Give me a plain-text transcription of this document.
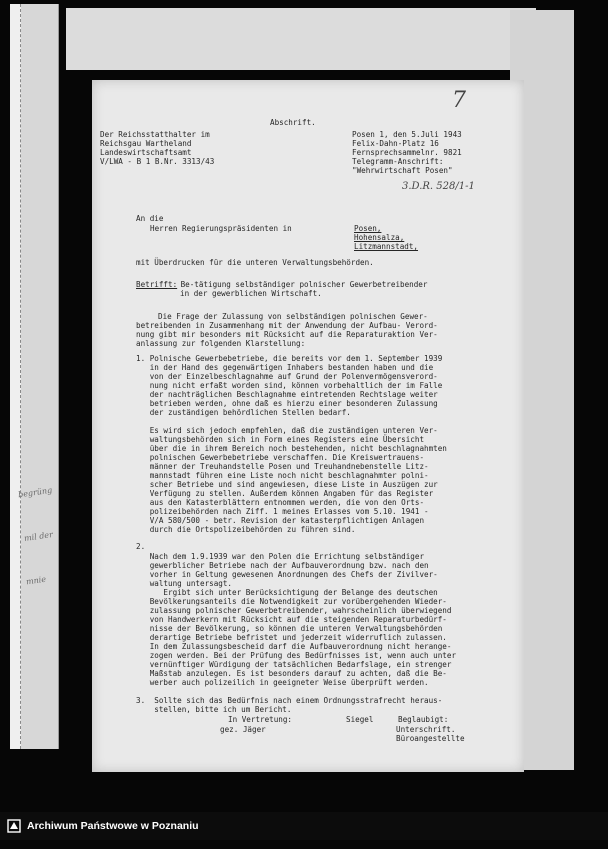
begrüng
mil der
mnie

Abschrift.

7

Der Reichsstatthalter im

Reichsgau Wartheland

Landeswirtschaftsamt

V/LWA - B 1 B.Nr. 3313/43

Posen 1, den 5.Juli 1943

Felix-Dahn-Platz 16

Fernsprechsammelnr. 9821

Telegramm-Anschrift:

"Wehrwirtschaft Posen"

3.D.R. 528/1-1

An die

Herren Regierungspräsidenten in

	Posen,

Hohensalza,

Litzmannstadt,

mit Überdrucken für die unteren Verwaltungsbehörden.

Betrifft:

Be-tätigung selbständiger polnischer Gewerbetreibender

in der gewerblichen Wirtschaft.

Die Frage der Zulassung von selbständigen polnischen Gewer-

betreibenden in Zusammenhang mit der Anwendung der Aufbau- Verord-

nung gibt mir besonders mit Rücksicht auf die Reparaturaktion Ver-

anlassung zur folgenden Klarstellung:

1. Polnische Gewerbebetriebe, die bereits vor dem 1. September 1939

in der Hand des gegenwärtigen Inhabers bestanden haben und die

von der Einzelbeschlagnahme auf Grund der Polenvermögensverord-

nung nicht erfaßt worden sind, können vorbehaltlich der im Falle

der nachträglichen Beschlagnahme eintretenden Rechtslage weiter

betrieben werden, ohne daß es hierzu einer besonderen Zulassung

der zuständigen behördlichen Stellen bedarf.

Es wird sich jedoch empfehlen, daß die zuständigen unteren Ver-

waltungsbehörden sich in Form eines Registers eine Übersicht

über die in ihrem Bereich noch bestehenden, nicht beschlagnahmten

polnischen Gewerbebetriebe verschaffen. Die Kreiswertrauens-

männer der Treuhandstelle Posen und Treuhandnebenstelle Litz-

mannstadt führen eine Liste noch nicht beschlagnahmter polni-

scher Betriebe und sind angewiesen, diese Liste in Auszügen zur

Verfügung zu stellen. Außerdem können Angaben für das Register

aus den Katasterblättern entnommen werden, die von den Orts-

polizeibehörden nach Ziff. 1 meines Erlasses vom 5.10. 1941 -

V/A 580/500 - betr. Revision der katasterpflichtigen Anlagen

durch die Ortspolizeibehörden zu führen sind.

2.

Nach dem 1.9.1939 war den Polen die Errichtung selbständiger

gewerblicher Betriebe nach der Aufbauverordnung bzw. nach den

vorher in Geltung gewesenen Anordnungen des Chefs der Zivilver-

waltung untersagt.

Ergibt sich unter Berücksichtigung der Belange des deutschen

Bevölkerungsanteils die Notwendigkeit zur vorübergehenden Wieder-

zulassung polnischer Gewerbetreibender, wahrscheinlich überwiegend

von Handwerkern mit Rücksicht auf die steigenden Reparaturbedürf-

nisse der Bevölkerung, so können die unteren Verwaltungsbehörden

derartige Betriebe befristet und jederzeit widerruflich zulassen.

In dem Zulassungsbescheid darf die Aufbauverordnung nicht herange-

zogen werden. Bei der Prüfung des Bedürfnisses ist, wenn auch unter

vernünftiger Würdigung der tatsächlichen Bedarfslage, ein strenger

Maßstab anzulegen. Es ist besonders darauf zu achten, daß die Be-

werber auch polizeilich in geeigneter Weise überprüft werden.

3.  Sollte sich das Bedürfnis nach einem Ordnungsstrafrecht heraus-

stellen, bitte ich um Bericht.

In Vertretung:

gez. Jäger

Siegel

	Beglaubigt:

Unterschrift.

Büroangestellte

Archiwum Państwowe w Poznaniu
